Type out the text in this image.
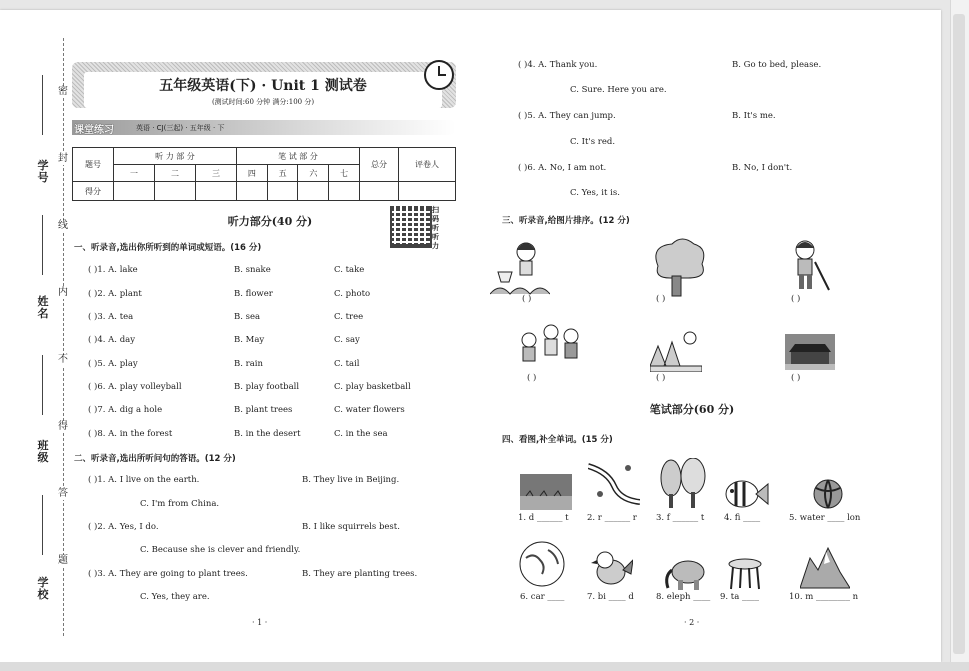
学号
姓名
班级
学校
密
封
线
内
不
得
答
题
五年级英语(下) · Unit 1 测试卷
(测试时间:60 分钟 满分:100 分)
课堂练习	英语 · CJ(三起) · 五年级 · 下
题号	听 力 部 分			笔 试 部 分				总分	评卷人
	一	二	三	四	五	六	七		
得分									
扫码听听力
听力部分(40 分)
一、听录音,选出你所听到的单词或短语。(16 分)
( )1. A. lake	B. snake	C. take
( )2. A. plant	B. flower	C. photo
( )3. A. tea	B. sea	C. tree
( )4. A. day	B. May	C. say
( )5. A. play	B. rain	C. tail
( )6. A. play volleyball	B. play football	C. play basketball
( )7. A. dig a hole	B. plant trees	C. water flowers
( )8. A. in the forest	B. in the desert	C. in the sea
二、听录音,选出所听问句的答语。(12 分)
( )1. A. I live on the earth.	B. They live in Beijing.
C. I'm from China.
( )2. A. Yes, I do.	B. I like squirrels best.
C. Because she is clever and friendly.
( )3. A. They are going to plant trees.	B. They are planting trees.
C. Yes, they are.
· 1 ·
( )4. A. Thank you.	B. Go to bed, please.
C. Sure. Here you are.
( )5. A. They can jump.	B. It's me.
C. It's red.
( )6. A. No, I am not.	B. No, I don't.
C. Yes, it is.
三、听录音,给图片排序。(12 分)
( )	( )	( )
( )	( )	( )
笔试部分(60 分)
四、看图,补全单词。(15 分)
1. d ______ t 2. r ______ r 3. f ______ t 4. fi ____	5. water ____ lon
6. car ____	7. bi ____ d	8. eleph ____ 9. ta ____	10. m ________ n
· 2 ·
